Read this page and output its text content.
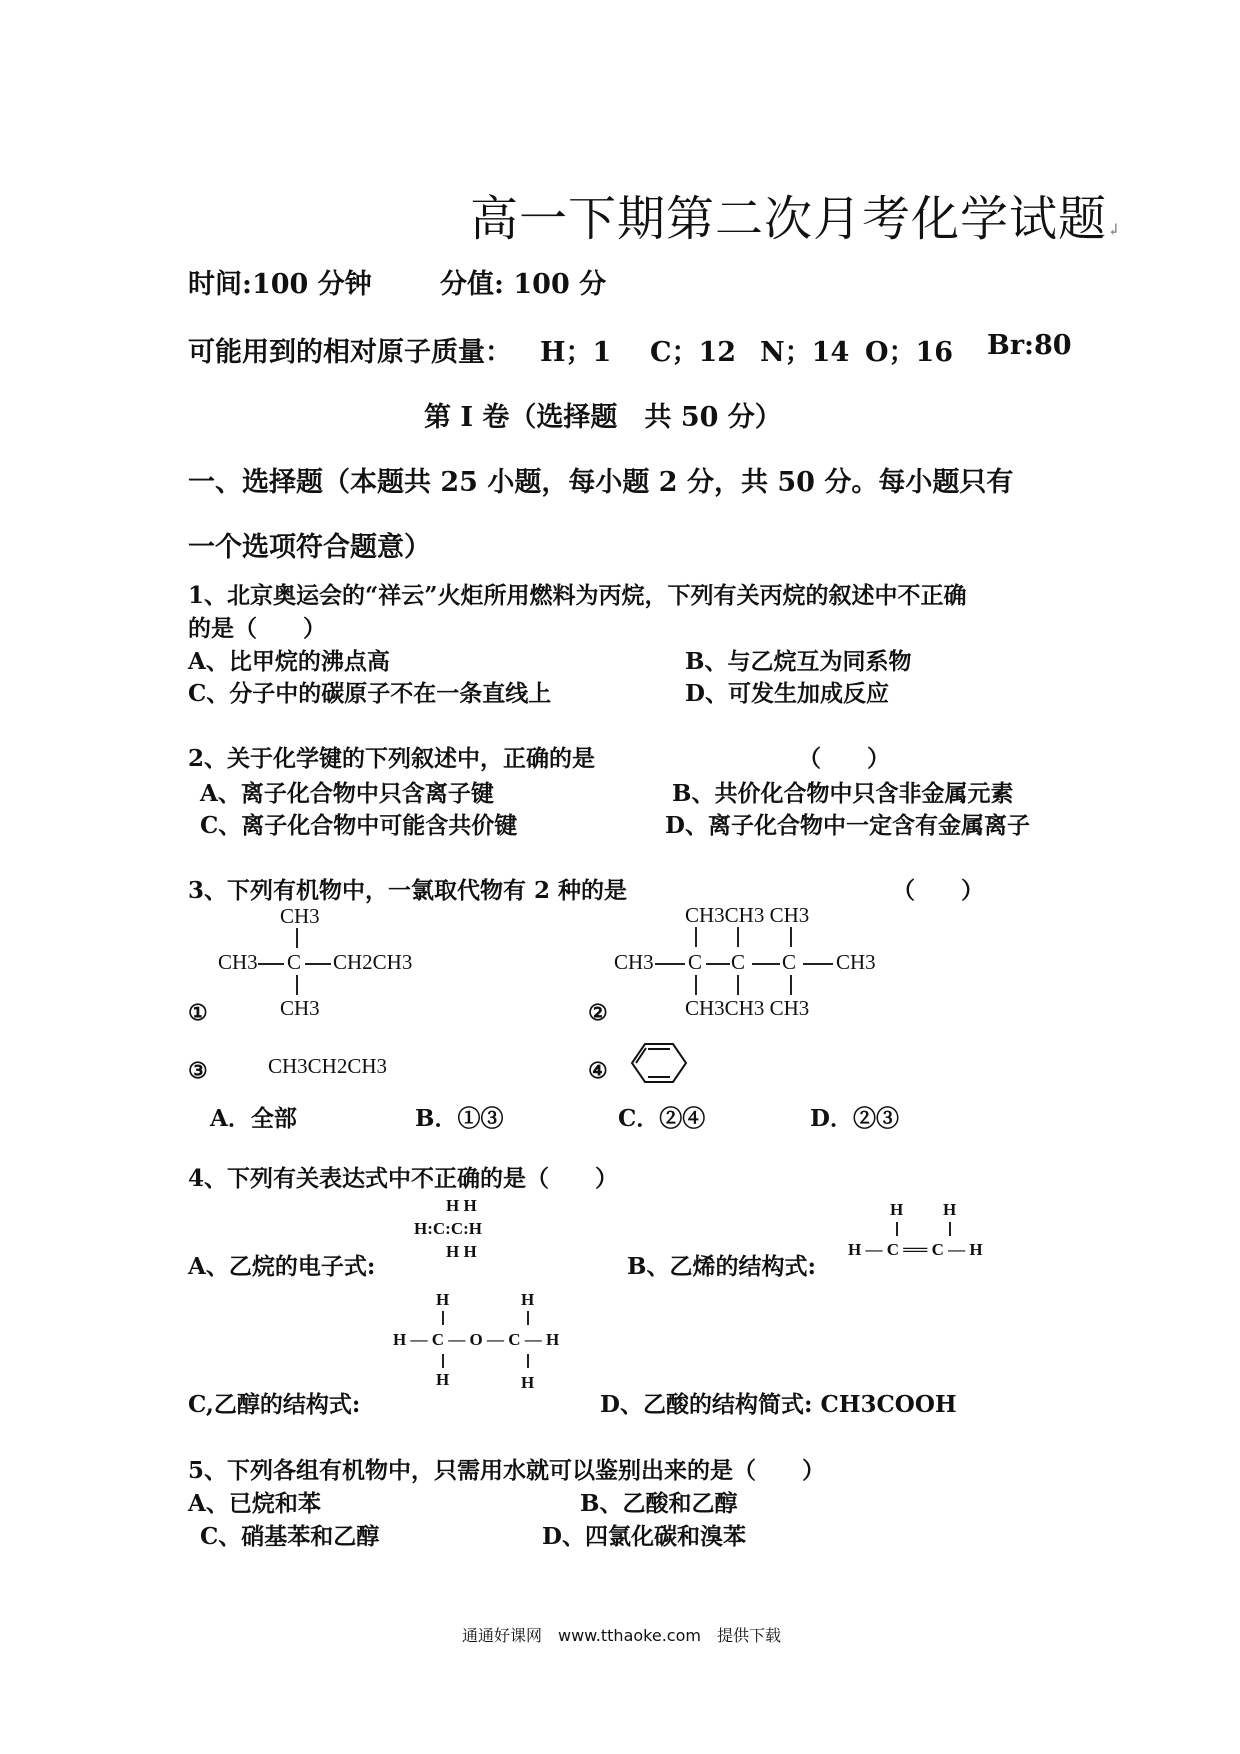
高一下期第二次月考化学试题↲
时间:100 分钟	分值: 100 分
可能用到的相对原子质量： H；1 C；12 N；14 O；16 Br:80
第 I 卷（选择题　共 50 分）
一、选择题（本题共 25 小题，每小题 2 分，共 50 分。每小题只有
一个选项符合题意）
1、北京奥运会的“祥云”火炬所用燃料为丙烷，下列有关丙烷的叙述中不正确
的是（　　）
A、比甲烷的沸点高	B、与乙烷互为同系物
C、分子中的碳原子不在一条直线上	D、可发生加成反应
2、关于化学键的下列叙述中，正确的是	（　　）
A、离子化合物中只含离子键	B、共价化合物中只含非金属元素
C、离子化合物中可能含共价键	D、离子化合物中一定含有金属离子
3、下列有机物中，一氯取代物有 2 种的是	（　　）
CH3
CH3 C CH2CH3
CH3
①
CH3CH3 CH3
CH3 C C C CH3
CH3CH3 CH3
②
③	CH3CH2CH3	④
A．全部	B．①③	C．②④	D．②③
4、下列有关表达式中不正确的是（　　）
H H
H:C:C:H
H H
A、乙烷的电子式:	B、乙烯的结构式:
H H
H — C ══ C — H
H	H
H — C — O — C — H
H	H
C,乙醇的结构式:	D、乙酸的结构简式: CH3COOH
5、下列各组有机物中，只需用水就可以鉴别出来的是（　　）
A、已烷和苯	B、乙酸和乙醇
C、硝基苯和乙醇	D、四氯化碳和溴苯
通通好课网　www.tthaoke.com　提供下载
